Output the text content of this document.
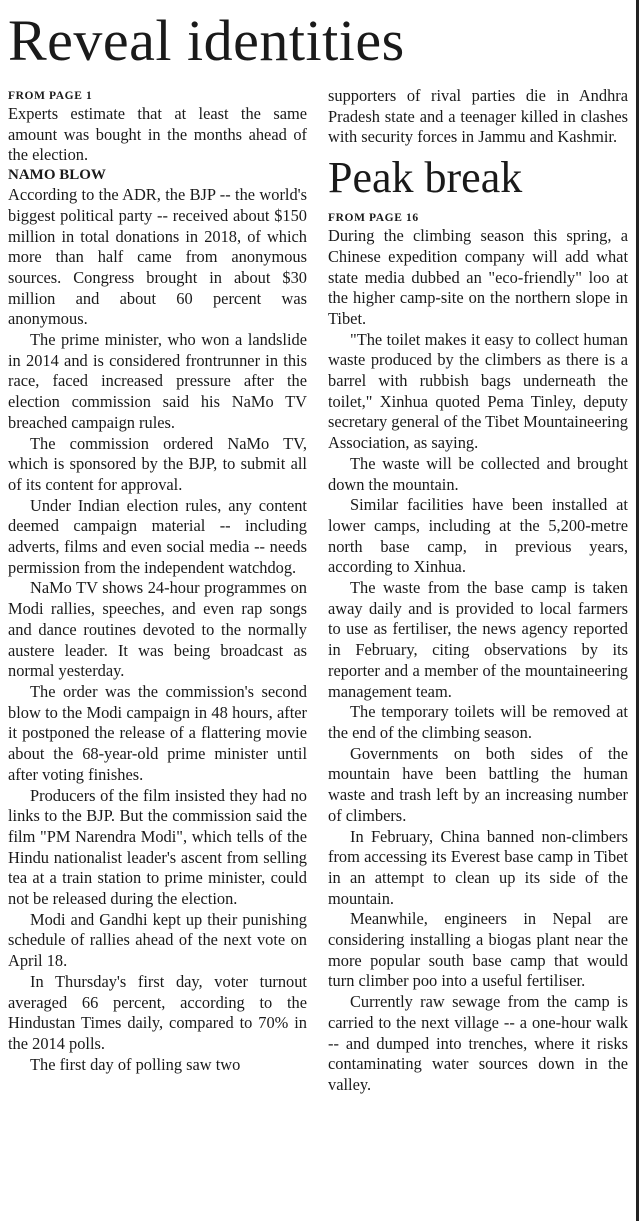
Reveal identities
FROM PAGE 1

Experts estimate that at least the same amount was bought in the months ahead of the election.

NAMO BLOW

According to the ADR, the BJP -- the world's biggest political party -- received about $150 million in total donations in 2018, of which more than half came from anonymous sources. Congress brought in about $30 million and about 60 percent was anonymous.

The prime minister, who won a landslide in 2014 and is considered frontrunner in this race, faced increased pressure after the election commission said his NaMo TV breached campaign rules.

The commission ordered NaMo TV, which is sponsored by the BJP, to submit all of its content for approval.

Under Indian election rules, any content deemed campaign material -- including adverts, films and even social media -- needs permission from the independent watchdog.

NaMo TV shows 24-hour programmes on Modi rallies, speeches, and even rap songs and dance routines devoted to the normally austere leader. It was being broadcast as normal yesterday.

The order was the commission's second blow to the Modi campaign in 48 hours, after it postponed the release of a flattering movie about the 68-year-old prime minister until after voting finishes.

Producers of the film insisted they had no links to the BJP. But the commission said the film "PM Narendra Modi", which tells of the Hindu nationalist leader's ascent from selling tea at a train station to prime minister, could not be released during the election.

Modi and Gandhi kept up their punishing schedule of rallies ahead of the next vote on April 18.

In Thursday's first day, voter turnout averaged 66 percent, according to the Hindustan Times daily, compared to 70% in the 2014 polls.

The first day of polling saw two

supporters of rival parties die in Andhra Pradesh state and a teenager killed in clashes with security forces in Jammu and Kashmir.

Peak break
FROM PAGE 16

During the climbing season this spring, a Chinese expedition company will add what state media dubbed an "eco-friendly" loo at the higher camp-site on the northern slope in Tibet.

"The toilet makes it easy to collect human waste produced by the climbers as there is a barrel with rubbish bags underneath the toilet," Xinhua quoted Pema Tinley, deputy secretary general of the Tibet Mountaineering Association, as saying.

The waste will be collected and brought down the mountain.

Similar facilities have been installed at lower camps, including at the 5,200-metre north base camp, in previous years, according to Xinhua.

The waste from the base camp is taken away daily and is provided to local farmers to use as fertiliser, the news agency reported in February, citing observations by its reporter and a member of the mountaineering management team.

The temporary toilets will be removed at the end of the climbing season.

Governments on both sides of the mountain have been battling the human waste and trash left by an increasing number of climbers.

In February, China banned non-climbers from accessing its Everest base camp in Tibet in an attempt to clean up its side of the mountain.

Meanwhile, engineers in Nepal are considering installing a biogas plant near the more popular south base camp that would turn climber poo into a useful fertiliser.

Currently raw sewage from the camp is carried to the next village -- a one-hour walk -- and dumped into trenches, where it risks contaminating water sources down in the valley.
